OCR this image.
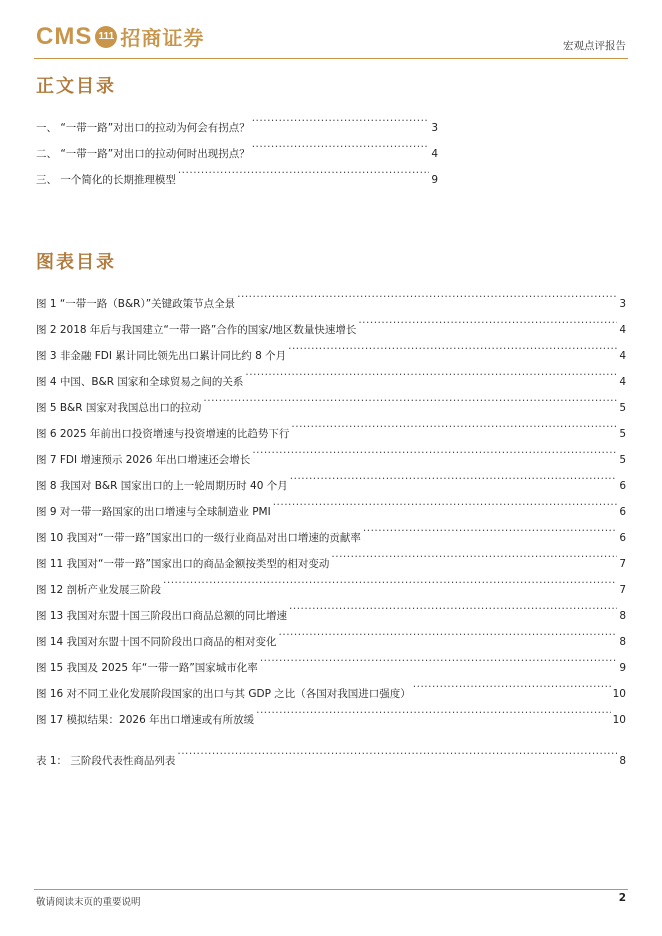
CMS 111 招商证券	宏观点评报告
正文目录
一、 “一带一路”对出口的拉动为何会有拐点？ .....	3
二、 “一带一路”对出口的拉动何时出现拐点？ .....	4
三、 一个简化的长期推理模型 .....	9
图表目录
图 1 “一带一路（B&R）”关键政策节点全景 .....	3
图 2 2018 年后与我国建立“一带一路”合作的国家/地区数量快速增长 .....	4
图 3 非金融 FDI 累计同比领先出口累计同比约 8 个月 .....	4
图 4 中国、B&R 国家和全球贸易之间的关系 .....	4
图 5 B&R 国家对我国总出口的拉动 .....	5
图 6 2025 年前出口投资增速与投资增速的比趋势下行 .....	5
图 7 FDI 增速预示 2026 年出口增速还会增长 .....	5
图 8 我国对 B&R 国家出口的上一轮周期历时 40 个月 .....	6
图 9 对一带一路国家的出口增速与全球制造业 PMI .....	6
图 10 我国对“一带一路”国家出口的一级行业商品对出口增速的贡献率 .....	6
图 11 我国对“一带一路”国家出口的商品金额按类型的相对变动 .....	7
图 12 剖析产业发展三阶段 .....	7
图 13 我国对东盟十国三阶段出口商品总额的同比增速 .....	8
图 14 我国对东盟十国不同阶段出口商品的相对变化 .....	8
图 15 我国及 2025 年“一带一路”国家城市化率 .....	9
图 16 对不同工业化发展阶段国家的出口与其 GDP 之比（各国对我国进口强度） .....	10
图 17 模拟结果：2026 年出口增速或有所放缓 .....	10
表 1： 三阶段代表性商品列表 .....	8
敬请阅读末页的重要说明	2
